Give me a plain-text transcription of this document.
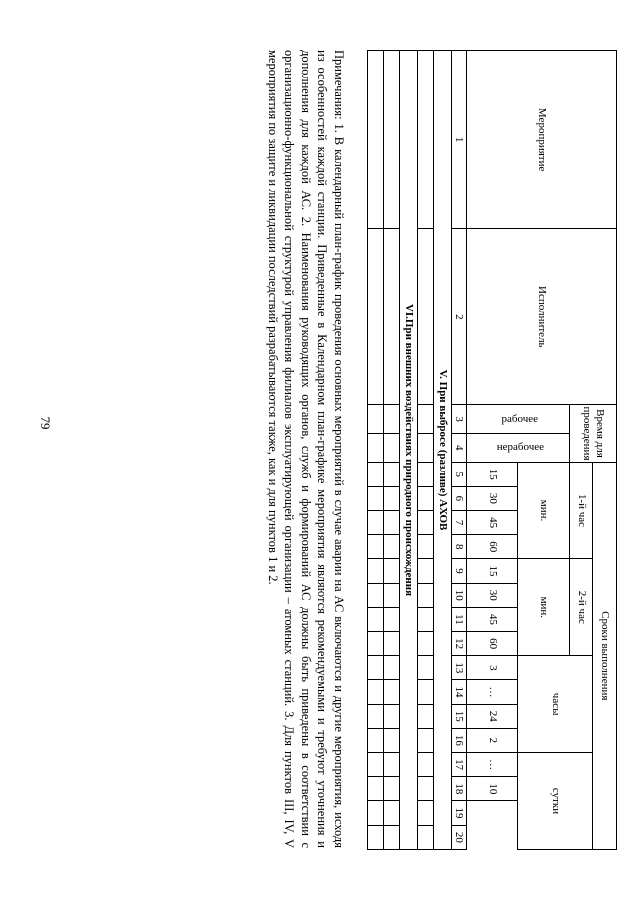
79
Мероприятие	Исполнитель	Время для проведения		Сроки выполнения															
				1-й час				2-й час				часы				сутки			
		рабочее	нерабочее	мин.				мин.											
				15	30	45	60	15	30	45	60	3	…	24	2	…	10		
1	2	3	4	5	6	7	8	9	10	11	12	13	14	15	16	17	18	19	20
V. При выбросе (разливе) АХОВ																			

VI.При внешних воздействиях природного происхождения																			

Примечания: 1. В календарный план-график проведения основных мероприятий в случае аварии на АС включаются и другие мероприятия, исходя из особенностей каждой станции. Приведенные в Календарном план-графике мероприятия являются рекомендуемыми и требуют уточнения и дополнения для каждой АС. 2. Наименования руководящих органов, служб и формирований АС должны быть приведены в соответствии с организационно-функциональной структурой управления филиалов эксплуатирующей организации – атомных станций. 3. Для пунктов III, IV, V мероприятия по защите и ликвидации последствий разрабатываются также, как и для пунктов 1 и 2.
